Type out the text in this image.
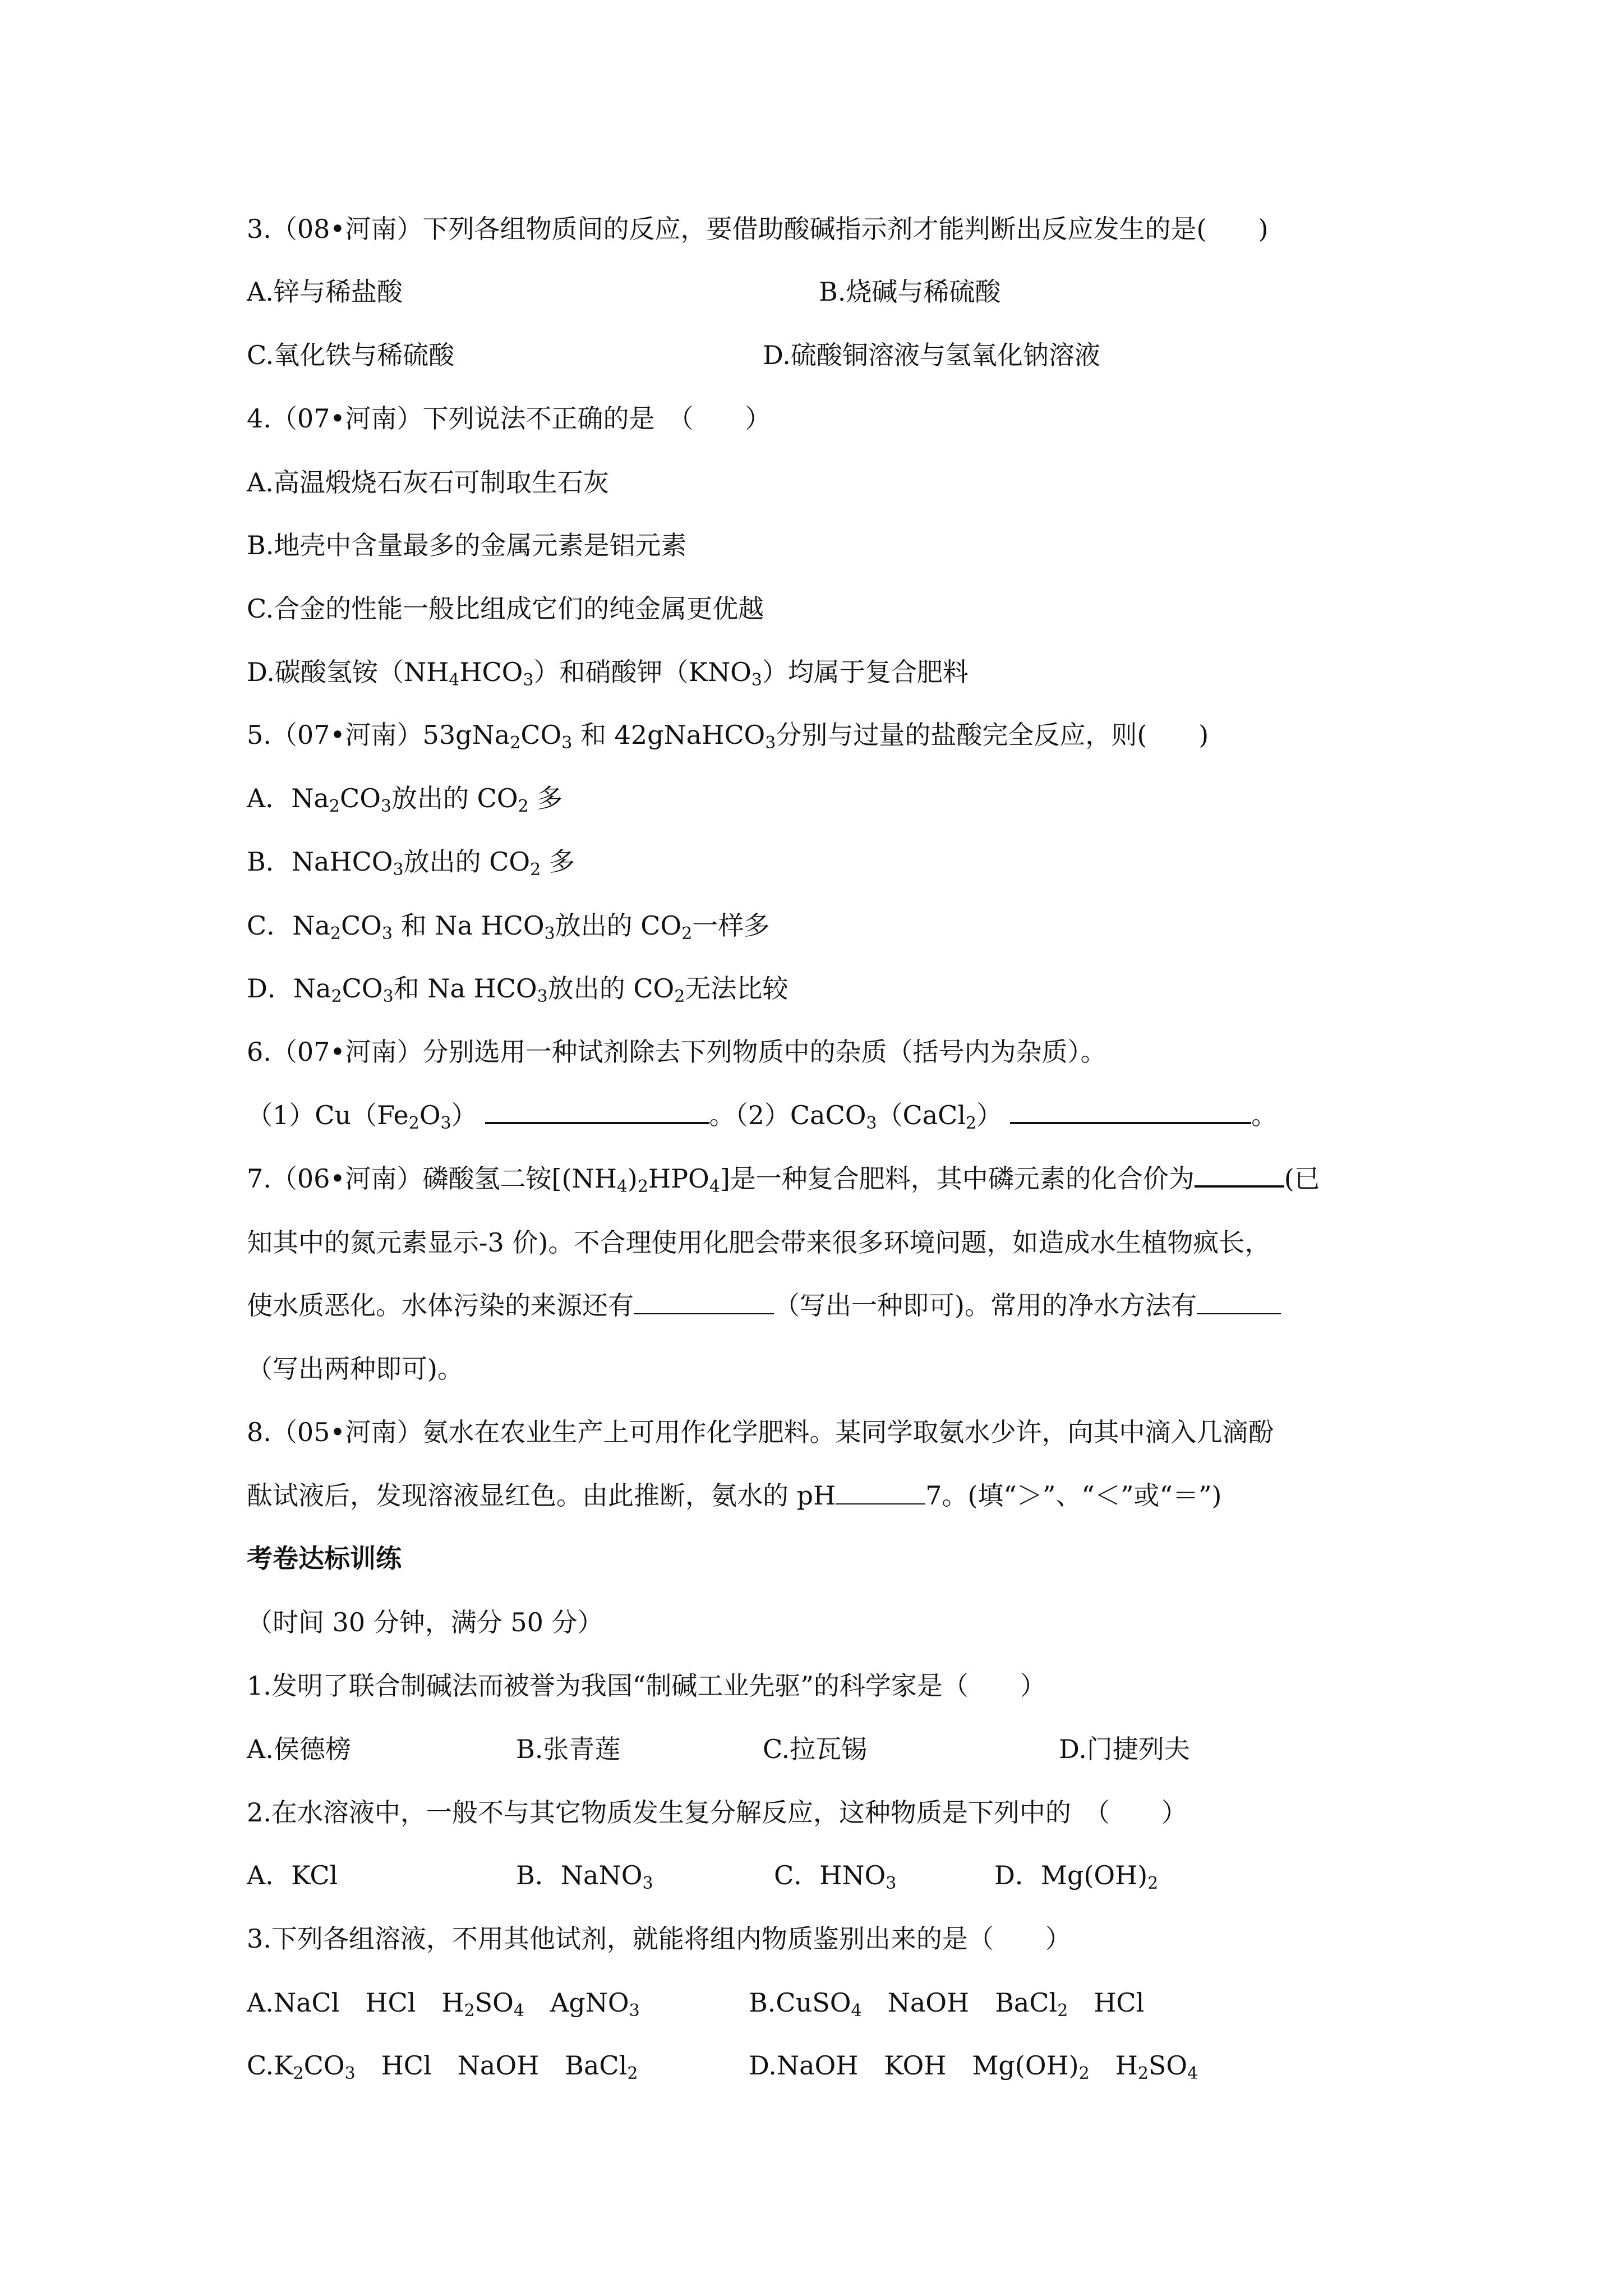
3.（08•河南）下列各组物质间的反应，要借助酸碱指示剂才能判断出反应发生的是(　　)
A.锌与稀盐酸	B.烧碱与稀硫酸
C.氧化铁与稀硫酸	D.硫酸铜溶液与氢氧化钠溶液
4.（07•河南）下列说法不正确的是　（　　）
A.高温煅烧石灰石可制取生石灰
B.地壳中含量最多的金属元素是铝元素
C.合金的性能一般比组成它们的纯金属更优越
D.碳酸氢铵$(NH_4HCO_3)$和硝酸钾$(KNO_3)$均属于复合肥料
5.（07•河南）$53gNa_2CO_3$ 和 42gNaHCO$_3$分别与过量的盐酸完全反应，则(　　)
A．$Na_2CO_3$放出的 $CO_2$ 多
B．NaHCO$_3$放出的 $CO_2$ 多
C．$Na_2CO_3$ 和 Na $HCO_3$放出的 $CO_2$一样多
D．$Na_2CO_3$和 Na $HCO_3$放出的 $CO_2$无法比较
6.（07•河南）分别选用一种试剂除去下列物质中的杂质（括号内为杂质）。
$(1)Cu(Fe_2O_3)$	。（2）CaCO$_3$（CaCl$_2$）	。
7.（06•河南）磷酸氢二铵$[(NH_4)_2HPO_4]$是一种复合肥料，其中磷元素的化合价为	(已
知其中的氮元素显示-3 价)。不合理使用化肥会带来很多环境问题，如造成水生植物疯长，
使水质恶化。水体污染的来源还有	（写出一种即可)。常用的净水方法有
（写出两种即可)。
8.（05•河南）氨水在农业生产上可用作化学肥料。某同学取氨水少许，向其中滴入几滴酚
酞试液后，发现溶液显红色。由此推断，氨水的 pH	7。(填“＞”、“＜”或“＝”)
考卷达标训练
（时间 30 分钟，满分 50 分）
1.发明了联合制碱法而被誉为我国“制碱工业先驱”的科学家是（　　）
A.侯德榜	B.张青莲	C.拉瓦锡	D.门捷列夫
2.在水溶液中，一般不与其它物质发生复分解反应，这种物质是下列中的　（　　）
A．KCl	B．NaNO$_3$	C．$HNO_3$	D．$Mg(OH)_2$
3.下列各组溶液，不用其他试剂，就能将组内物质鉴别出来的是（　　）
A.NaCl　HCl　$H_2SO_4$　AgNO$_3$	B.CuSO$_4$　NaOH　BaCl$_2$　HCl
$C.K_2CO_3$　HCl　NaOH　BaCl$_2$	D.NaOH　KOH　$Mg(OH)_2$　$H_2SO_4$
